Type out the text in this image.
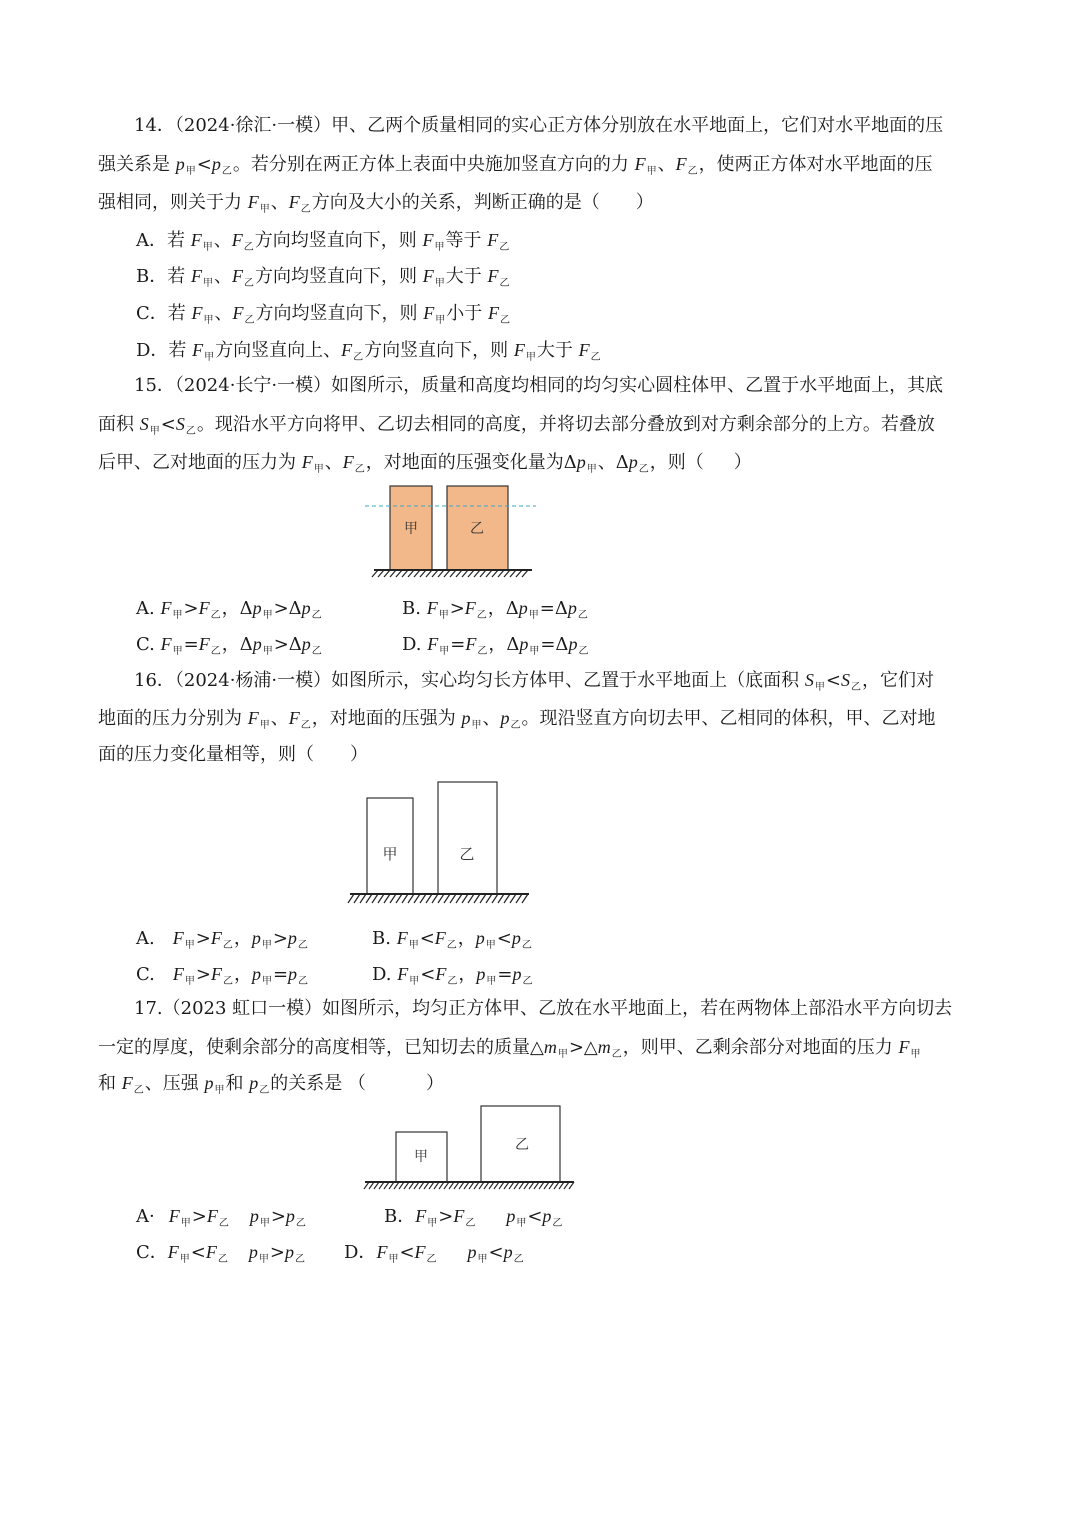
14．（2024·徐汇·一模）甲、乙两个质量相同的实心正方体分别放在水平地面上，它们对水平地面的压
强关系是 $p_甲<p_乙$。若分别在两正方体上表面中央施加竖直方向的力 $F_甲$、$F_乙$，使两正方体对水平地面的压
强相同，则关于力 $F_甲$、$F_乙$方向及大小的关系，判断正确的是（ ）
A．若 $F_甲$、$F_乙$方向均竖直向下，则 $F_甲$等于 $F_乙$
B．若 $F_甲$、$F_乙$方向均竖直向下，则 $F_甲$大于 $F_乙$
C．若 $F_甲$、$F_乙$方向均竖直向下，则 $F_甲$小于 $F_乙$
D．若 $F_甲$方向竖直向上、$F_乙$方向竖直向下，则 $F_甲$大于 $F_乙$
15．（2024·长宁·一模）如图所示，质量和高度均相同的均匀实心圆柱体甲、乙置于水平地面上，其底
面积 $S_甲<S_乙$。现沿水平方向将甲、乙切去相同的高度，并将切去部分叠放到对方剩余部分的上方。若叠放
后甲、乙对地面的压力为 $F_甲$、$F_乙$，对地面的压强变化量为$\Delta p_甲$、$\Delta p_乙$，则（ ）
甲	乙
A. $F_甲>F_乙$，$\Delta p_甲>\Delta p_乙$	B. $F_甲>F_乙$，$\Delta p_甲=\Delta p_乙$
C. $F_甲=F_乙$，$\Delta p_甲>\Delta p_乙$	D. $F_甲=F_乙$，$\Delta p_甲=\Delta p_乙$
16．（2024·杨浦·一模）如图所示，实心均匀长方体甲、乙置于水平地面上（底面积 $S_甲<S_乙$，它们对
地面的压力分别为 $F_甲$、$F_乙$，对地面的压强为 $p_甲$、$p_乙$。现沿竖直方向切去甲、乙相同的体积，甲、乙对地
面的压力变化量相等，则（ ）
甲	乙
A. $F_甲>F_乙$，$p_甲>p_乙$	B. $F_甲<F_乙$，$p_甲<p_乙$
C. $F_甲>F_乙$，$p_甲=p_乙$	D. $F_甲<F_乙$，$p_甲=p_乙$
17.（2023 虹口一模）如图所示，均匀正方体甲、乙放在水平地面上，若在两物体上部沿水平方向切去
一定的厚度，使剩余部分的高度相等，已知切去的质量$\triangle m_甲>\triangle m_乙$，则甲、乙剩余部分对地面的压力 $F_甲$
和 $F_乙$、压强 $p_甲$和 $p_乙$的关系是 （	）
甲
乙
$A\cdot F_甲>F_乙$ $p_甲>p_乙$	B．$F_甲>F_乙$ $p_甲<p_乙$
C．$F_甲<F_乙$ $p_甲>p_乙$ D．$F_甲<F_乙$ $p_甲<p_乙$
